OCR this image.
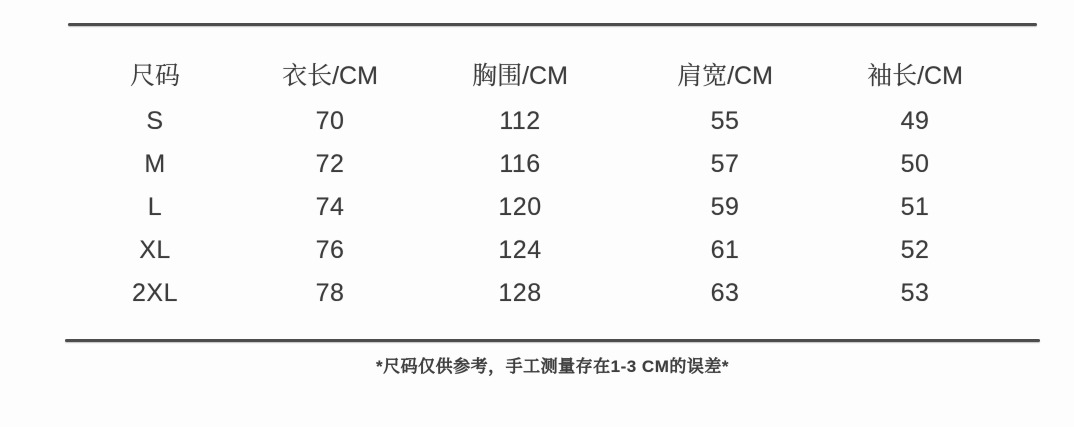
尺码	衣长/CM	胸围/CM	肩宽/CM	袖长/CM
S	70	112	55	49
M	72	116	57	50
L	74	120	59	51
XL	76	124	61	52
2XL	78	128	63	53
*尺码仅供参考，手工测量存在1-3 CM的误差*
